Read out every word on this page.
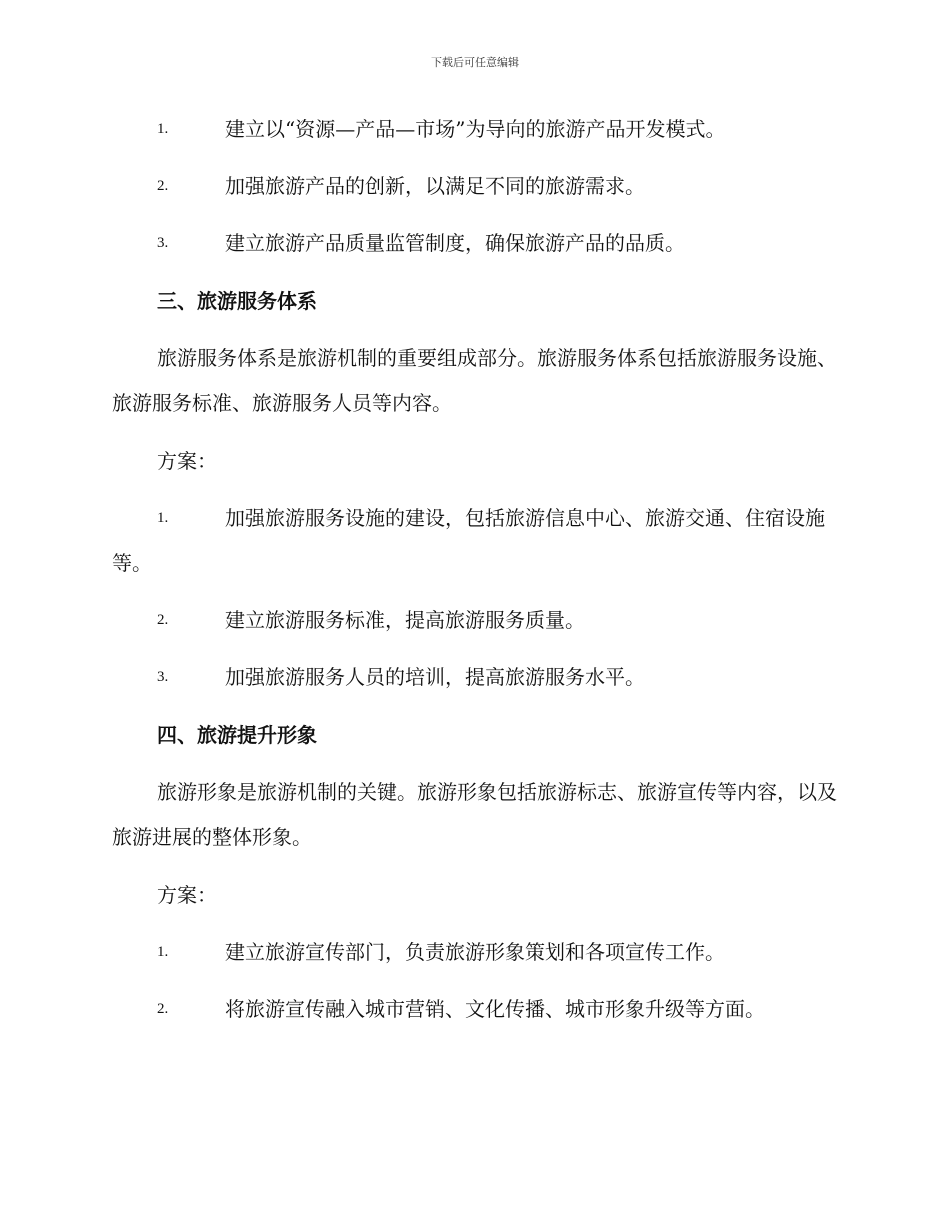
下载后可任意编辑
1.	建立以“资源—产品—市场”为导向的旅游产品开发模式。
2.	加强旅游产品的创新，以满足不同的旅游需求。
3.	建立旅游产品质量监管制度，确保旅游产品的品质。
三、旅游服务体系
旅游服务体系是旅游机制的重要组成部分。旅游服务体系包括旅游服务设施、旅游服务标准、旅游服务人员等内容。
方案：
1.	加强旅游服务设施的建设，包括旅游信息中心、旅游交通、住宿设施等。
2.	建立旅游服务标准，提高旅游服务质量。
3.	加强旅游服务人员的培训，提高旅游服务水平。
四、旅游提升形象
旅游形象是旅游机制的关键。旅游形象包括旅游标志、旅游宣传等内容，以及旅游进展的整体形象。
方案：
1.	建立旅游宣传部门，负责旅游形象策划和各项宣传工作。
2.	将旅游宣传融入城市营销、文化传播、城市形象升级等方面。
